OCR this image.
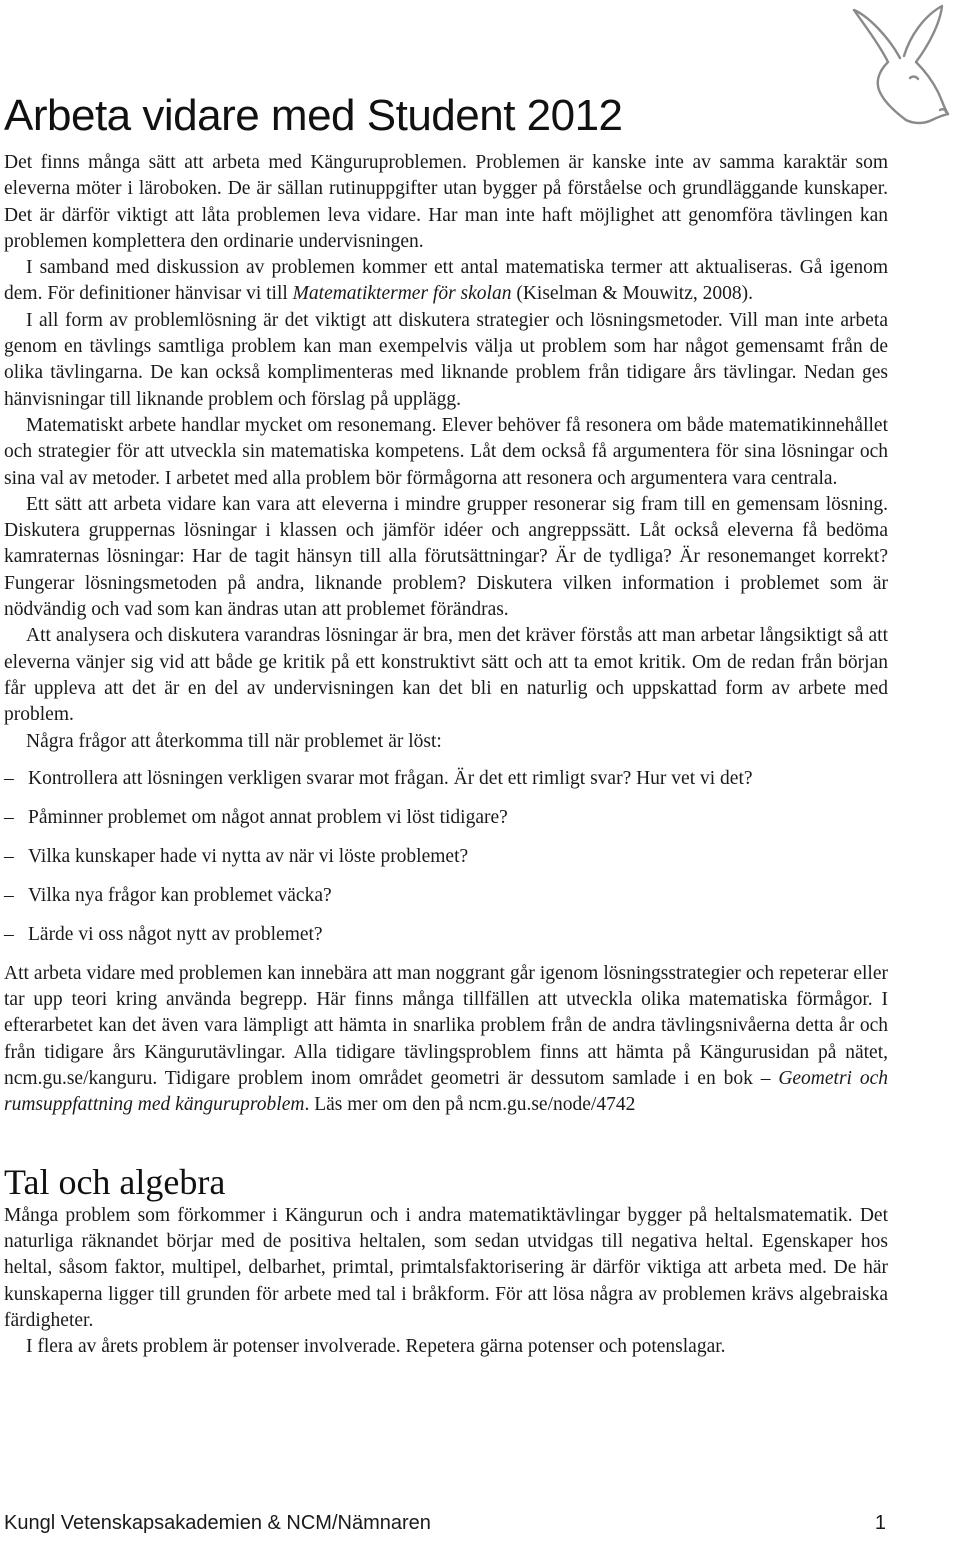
Arbeta vidare med Student 2012

Det finns många sätt att arbeta med Känguruproblemen. Problemen är kanske inte av samma karaktär som eleverna möter i läroboken. De är sällan rutinuppgifter utan bygger på förståelse och grundläggande kunskaper. Det är därför viktigt att låta problemen leva vidare. Har man inte haft möjlighet att genomföra tävlingen kan problemen komplettera den ordinarie undervisningen.

I samband med diskussion av problemen kommer ett antal matematiska termer att aktualiseras. Gå igenom dem. För definitioner hänvisar vi till Matematiktermer för skolan (Kiselman & Mouwitz, 2008).

I all form av problemlösning är det viktigt att diskutera strategier och lösningsmetoder. Vill man inte arbeta genom en tävlings samtliga problem kan man exempelvis välja ut problem som har något gemensamt från de olika tävlingarna. De kan också komplimenteras med liknande problem från tidigare års tävlingar. Nedan ges hänvisningar till liknande problem och förslag på upplägg.

Matematiskt arbete handlar mycket om resonemang. Elever behöver få resonera om både matematikinnehållet och strategier för att utveckla sin matematiska kompetens. Låt dem också få argumentera för sina lösningar och sina val av metoder. I arbetet med alla problem bör förmågorna att resonera och argumentera vara centrala.

Ett sätt att arbeta vidare kan vara att eleverna i mindre grupper resonerar sig fram till en gemensam lösning. Diskutera gruppernas lösningar i klassen och jämför idéer och angreppssätt. Låt också eleverna få bedöma kamraternas lösningar: Har de tagit hänsyn till alla förutsättningar? Är de tydliga? Är resonemanget korrekt? Fungerar lösningsmetoden på andra, liknande problem? Diskutera vilken information i problemet som är nödvändig och vad som kan ändras utan att problemet förändras.

Att analysera och diskutera varandras lösningar är bra, men det kräver förstås att man arbetar långsiktigt så att eleverna vänjer sig vid att både ge kritik på ett konstruktivt sätt och att ta emot kritik. Om de redan från början får uppleva att det är en del av undervisningen kan det bli en naturlig och uppskattad form av arbete med problem.

Några frågor att återkomma till när problemet är löst:

– Kontrollera att lösningen verkligen svarar mot frågan. Är det ett rimligt svar? Hur vet vi det?
– Påminner problemet om något annat problem vi löst tidigare?
– Vilka kunskaper hade vi nytta av när vi löste problemet?
– Vilka nya frågor kan problemet väcka?
– Lärde vi oss något nytt av problemet?

Att arbeta vidare med problemen kan innebära att man noggrant går igenom lösningsstrategier och repeterar eller tar upp teori kring använda begrepp. Här finns många tillfällen att utveckla olika matematiska förmågor. I efterarbetet kan det även vara lämpligt att hämta in snarlika problem från de andra tävlingsnivåerna detta år och från tidigare års Kängurutävlingar. Alla tidigare tävlingsproblem finns att hämta på Kängurusidan på nätet, ncm.gu.se/kanguru. Tidigare problem inom området geometri är dessutom samlade i en bok – Geometri och rumsuppfattning med känguruproblem. Läs mer om den på ncm.gu.se/node/4742

Tal och algebra

Många problem som förkommer i Kängurun och i andra matematiktävlingar bygger på heltalsmatematik. Det naturliga räknandet börjar med de positiva heltalen, som sedan utvidgas till negativa heltal. Egenskaper hos heltal, såsom faktor, multipel, delbarhet, primtal, primtalsfaktorisering är därför viktiga att arbeta med. De här kunskaperna ligger till grunden för arbete med tal i bråkform. För att lösa några av problemen krävs algebraiska färdigheter.

I flera av årets problem är potenser involverade. Repetera gärna potenser och potenslagar.

Kungl Vetenskapsakademien & NCM/Nämnaren	1
